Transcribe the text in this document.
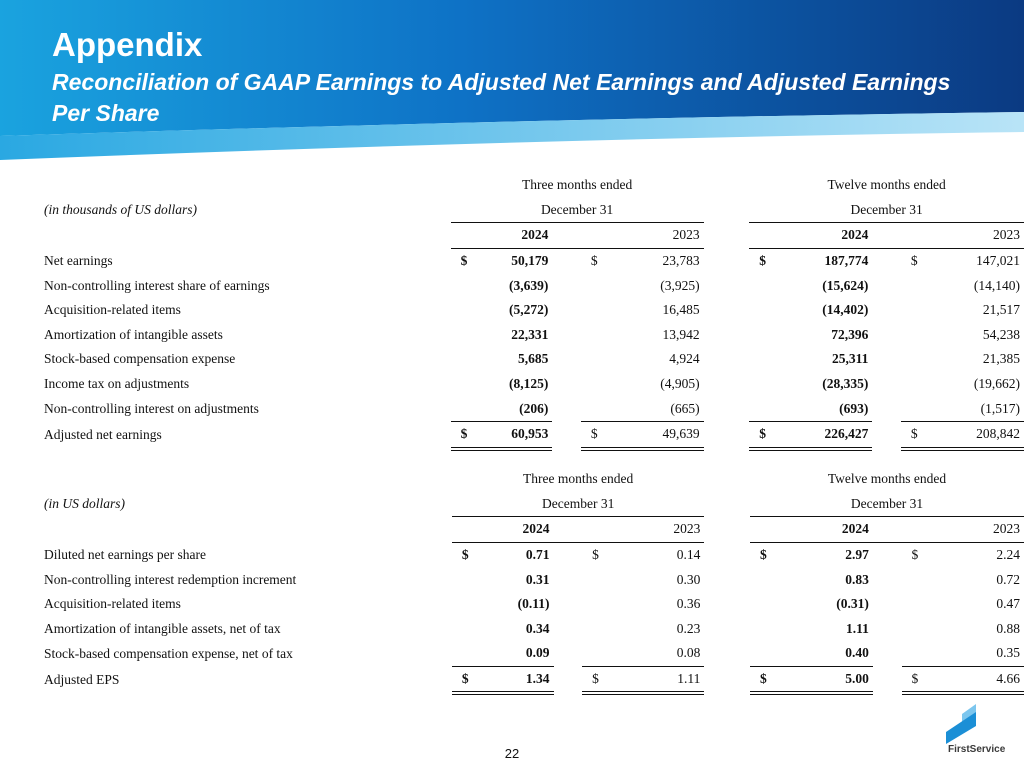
Appendix
Reconciliation of GAAP Earnings to Adjusted Net Earnings and Adjusted Earnings Per Share
	Three months ended						Twelve months ended				
(in thousands of US dollars)	December 31						December 31				
	2024			2023			2024			2023	
Net earnings	$	50,179		$	23,783		$	187,774		$	147,021
Non-controlling interest share of earnings		(3,639)			(3,925)			(15,624)			(14,140)
Acquisition-related items		(5,272)			16,485			(14,402)			21,517
Amortization of intangible assets		22,331			13,942			72,396			54,238
Stock-based compensation expense		5,685			4,924			25,311			21,385
Income tax on adjustments		(8,125)			(4,905)			(28,335)			(19,662)
Non-controlling interest on adjustments		(206)			(665)			(693)			(1,517)
Adjusted net earnings	$	60,953		$	49,639		$	226,427		$	208,842
	Three months ended						Twelve months ended				
(in US dollars)	December 31						December 31				
	2024			2023			2024			2023	
Diluted net earnings per share	$	0.71		$	0.14		$	2.97		$	2.24
Non-controlling interest redemption increment		0.31			0.30			0.83			0.72
Acquisition-related items		(0.11)			0.36			(0.31)			0.47
Amortization of intangible assets, net of tax		0.34			0.23			1.11			0.88
Stock-based compensation expense, net of tax		0.09			0.08			0.40			0.35
Adjusted EPS	$	1.34		$	1.11		$	5.00		$	4.66
FirstService
22
